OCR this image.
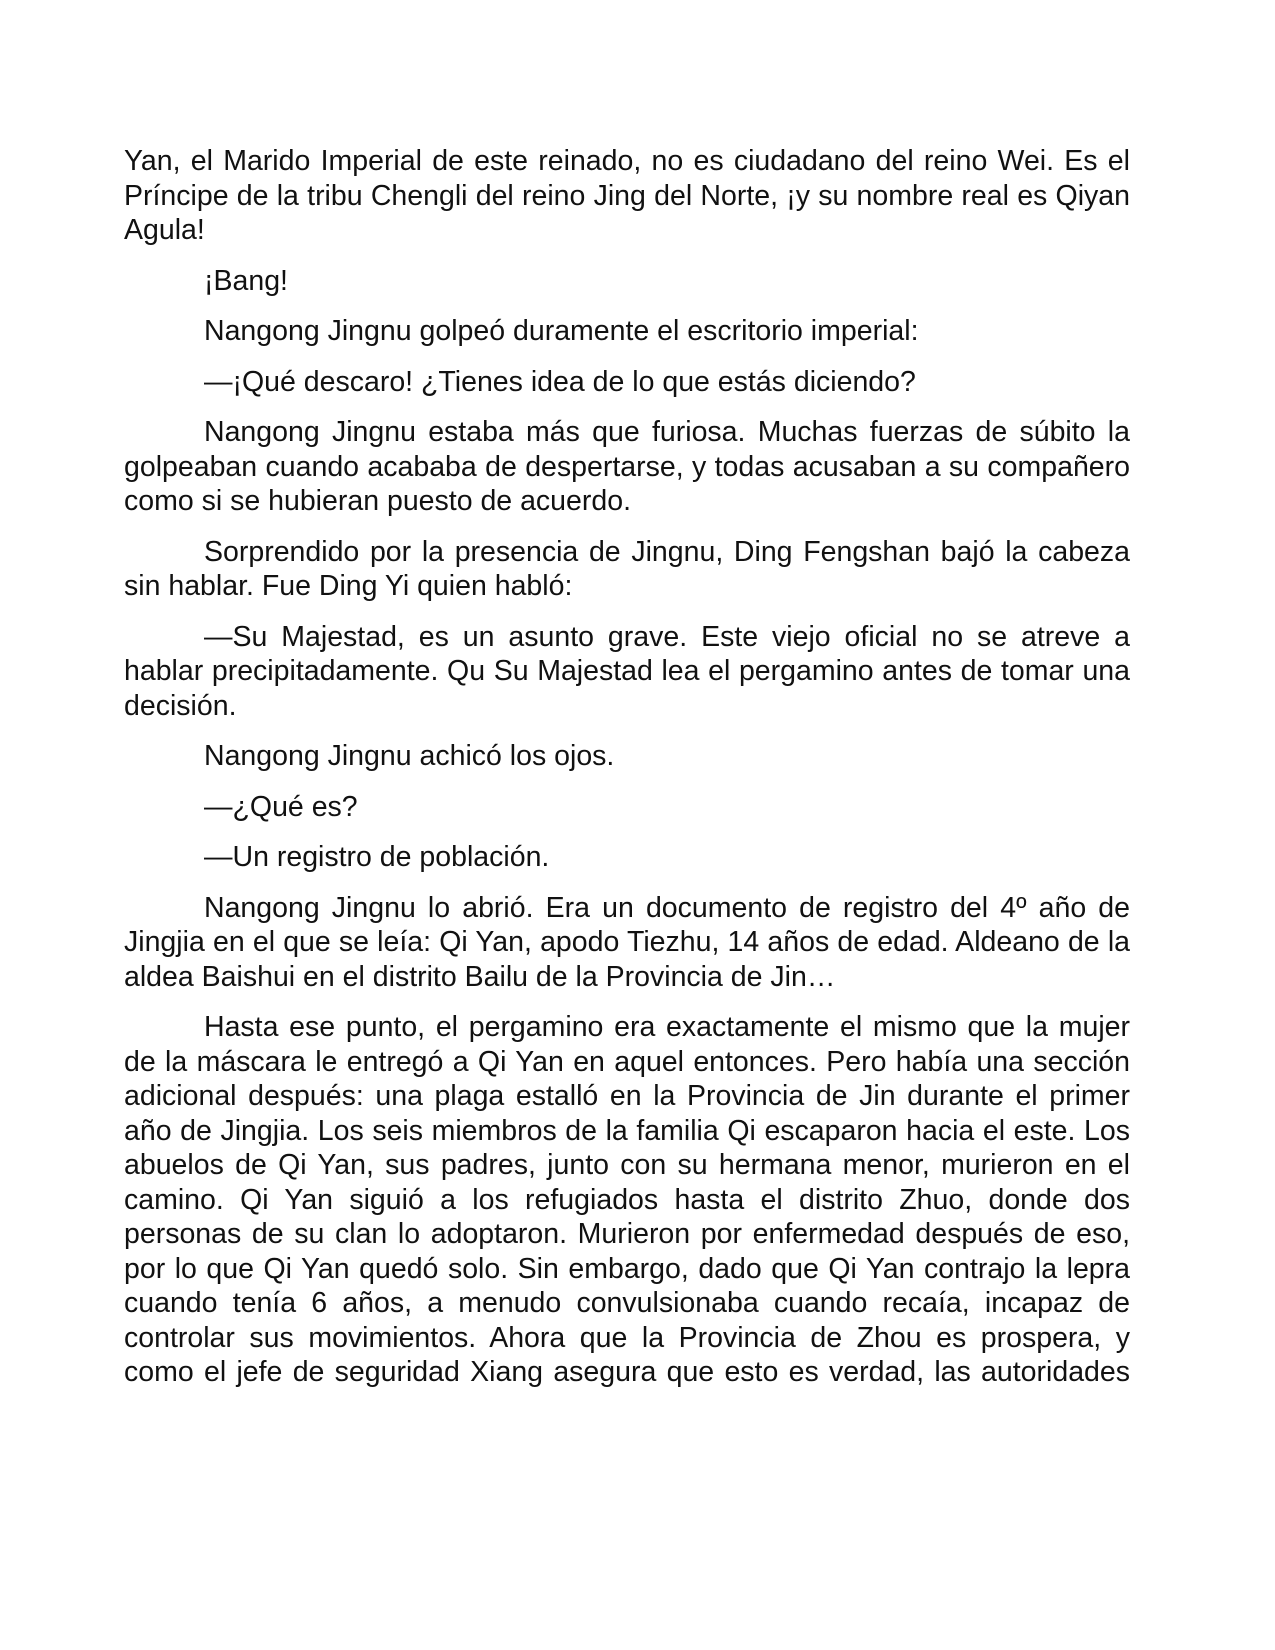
Yan, el Marido Imperial de este reinado, no es ciudadano del reino Wei. Es el Príncipe de la tribu Chengli del reino Jing del Norte, ¡y su nombre real es Qiyan Agula!

¡Bang!

Nangong Jingnu golpeó duramente el escritorio imperial:

—¡Qué descaro! ¿Tienes idea de lo que estás diciendo?

Nangong Jingnu estaba más que furiosa. Muchas fuerzas de súbito la golpeaban cuando acababa de despertarse, y todas acusaban a su compañero como si se hubieran puesto de acuerdo.

Sorprendido por la presencia de Jingnu, Ding Fengshan bajó la cabeza sin hablar. Fue Ding Yi quien habló:

—Su Majestad, es un asunto grave. Este viejo oficial no se atreve a hablar precipitadamente. Qu Su Majestad lea el pergamino antes de tomar una decisión.

Nangong Jingnu achicó los ojos.

—¿Qué es?

—Un registro de población.

Nangong Jingnu lo abrió. Era un documento de registro del 4º año de Jingjia en el que se leía: Qi Yan, apodo Tiezhu, 14 años de edad. Aldeano de la aldea Baishui en el distrito Bailu de la Provincia de Jin…

Hasta ese punto, el pergamino era exactamente el mismo que la mujer de la máscara le entregó a Qi Yan en aquel entonces. Pero había una sección adicional después: una plaga estalló en la Provincia de Jin durante el primer año de Jingjia. Los seis miembros de la familia Qi escaparon hacia el este. Los abuelos de Qi Yan, sus padres, junto con su hermana menor, murieron en el camino. Qi Yan siguió a los refugiados hasta el distrito Zhuo, donde dos personas de su clan lo adoptaron. Murieron por enfermedad después de eso, por lo que Qi Yan quedó solo. Sin embargo, dado que Qi Yan contrajo la lepra cuando tenía 6 años, a menudo convulsionaba cuando recaía, incapaz de controlar sus movimientos. Ahora que la Provincia de Zhou es prospera, y como el jefe de seguridad Xiang asegura que esto es verdad, las autoridades
